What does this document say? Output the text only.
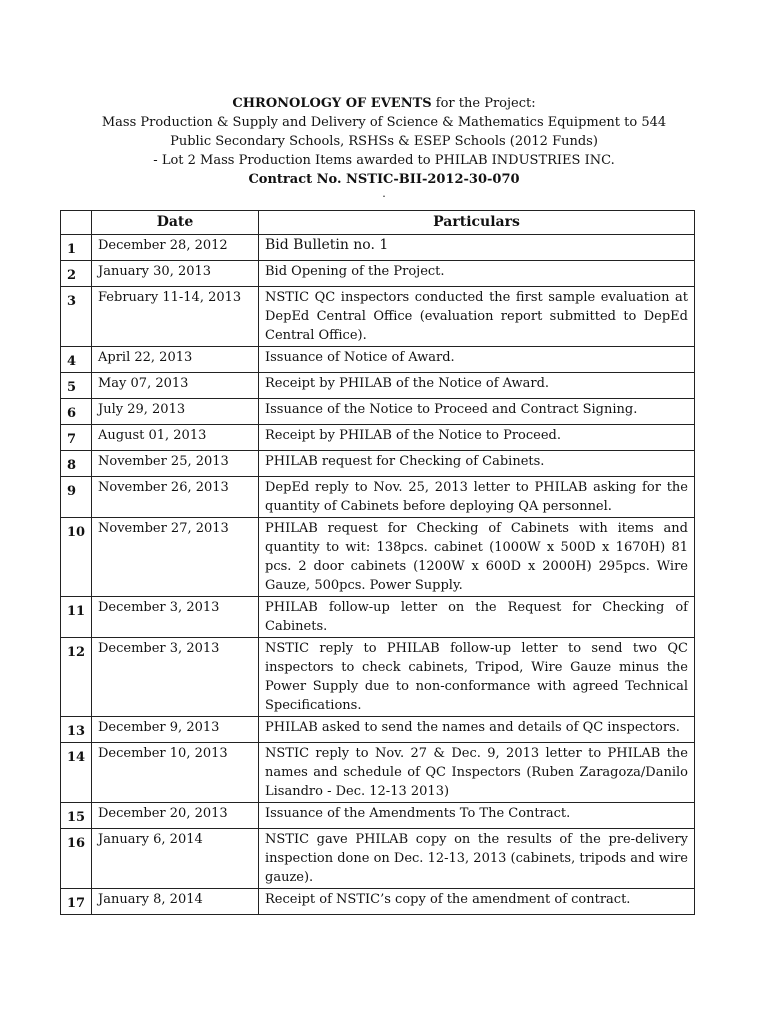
CHRONOLOGY OF EVENTS for the Project:
Mass Production & Supply and Delivery of Science & Mathematics Equipment to 544
Public Secondary Schools, RSHSs & ESEP Schools (2012 Funds)
- Lot 2 Mass Production Items awarded to PHILAB INDUSTRIES INC.
Contract No. NSTIC-BII-2012-30-070
.
	Date	Particulars
1	December 28, 2012	Bid Bulletin no. 1
2	January 30, 2013	Bid Opening of the Project.
3	February 11-14, 2013	NSTIC QC inspectors conducted the first sample evaluation at DepEd Central Office (evaluation report submitted to DepEd Central Office).
4	April 22, 2013	Issuance of Notice of Award.
5	May 07, 2013	Receipt by PHILAB of the Notice of Award.
6	July 29, 2013	Issuance of the Notice to Proceed and Contract Signing.
7	August 01, 2013	Receipt by PHILAB of the Notice to Proceed.
8	November 25, 2013	PHILAB request for Checking of Cabinets.
9	November 26, 2013	DepEd reply to Nov. 25, 2013 letter to PHILAB asking for the quantity of Cabinets before deploying QA personnel.
10	November 27, 2013	PHILAB request for Checking of Cabinets with items and quantity to wit: 138pcs. cabinet (1000W x 500D x 1670H) 81 pcs. 2 door cabinets (1200W x 600D x 2000H) 295pcs. Wire Gauze, 500pcs. Power Supply.
11	December 3, 2013	PHILAB follow-up letter on the Request for Checking of Cabinets.
12	December 3, 2013	NSTIC reply to PHILAB follow-up letter to send two QC inspectors to check cabinets, Tripod, Wire Gauze minus the Power Supply due to non-conformance with agreed Technical Specifications.
13	December 9, 2013	PHILAB asked to send the names and details of QC inspectors.
14	December 10, 2013	NSTIC reply to Nov. 27 & Dec. 9, 2013 letter to PHILAB the names and schedule of QC Inspectors (Ruben Zaragoza/Danilo Lisandro - Dec. 12-13 2013)
15	December 20, 2013	Issuance of the Amendments To The Contract.
16	January 6, 2014	NSTIC gave PHILAB copy on the results of the pre-delivery inspection done on Dec. 12-13, 2013 (cabinets, tripods and wire gauze).
17	January 8, 2014	Receipt of NSTIC’s copy of the amendment of contract.
